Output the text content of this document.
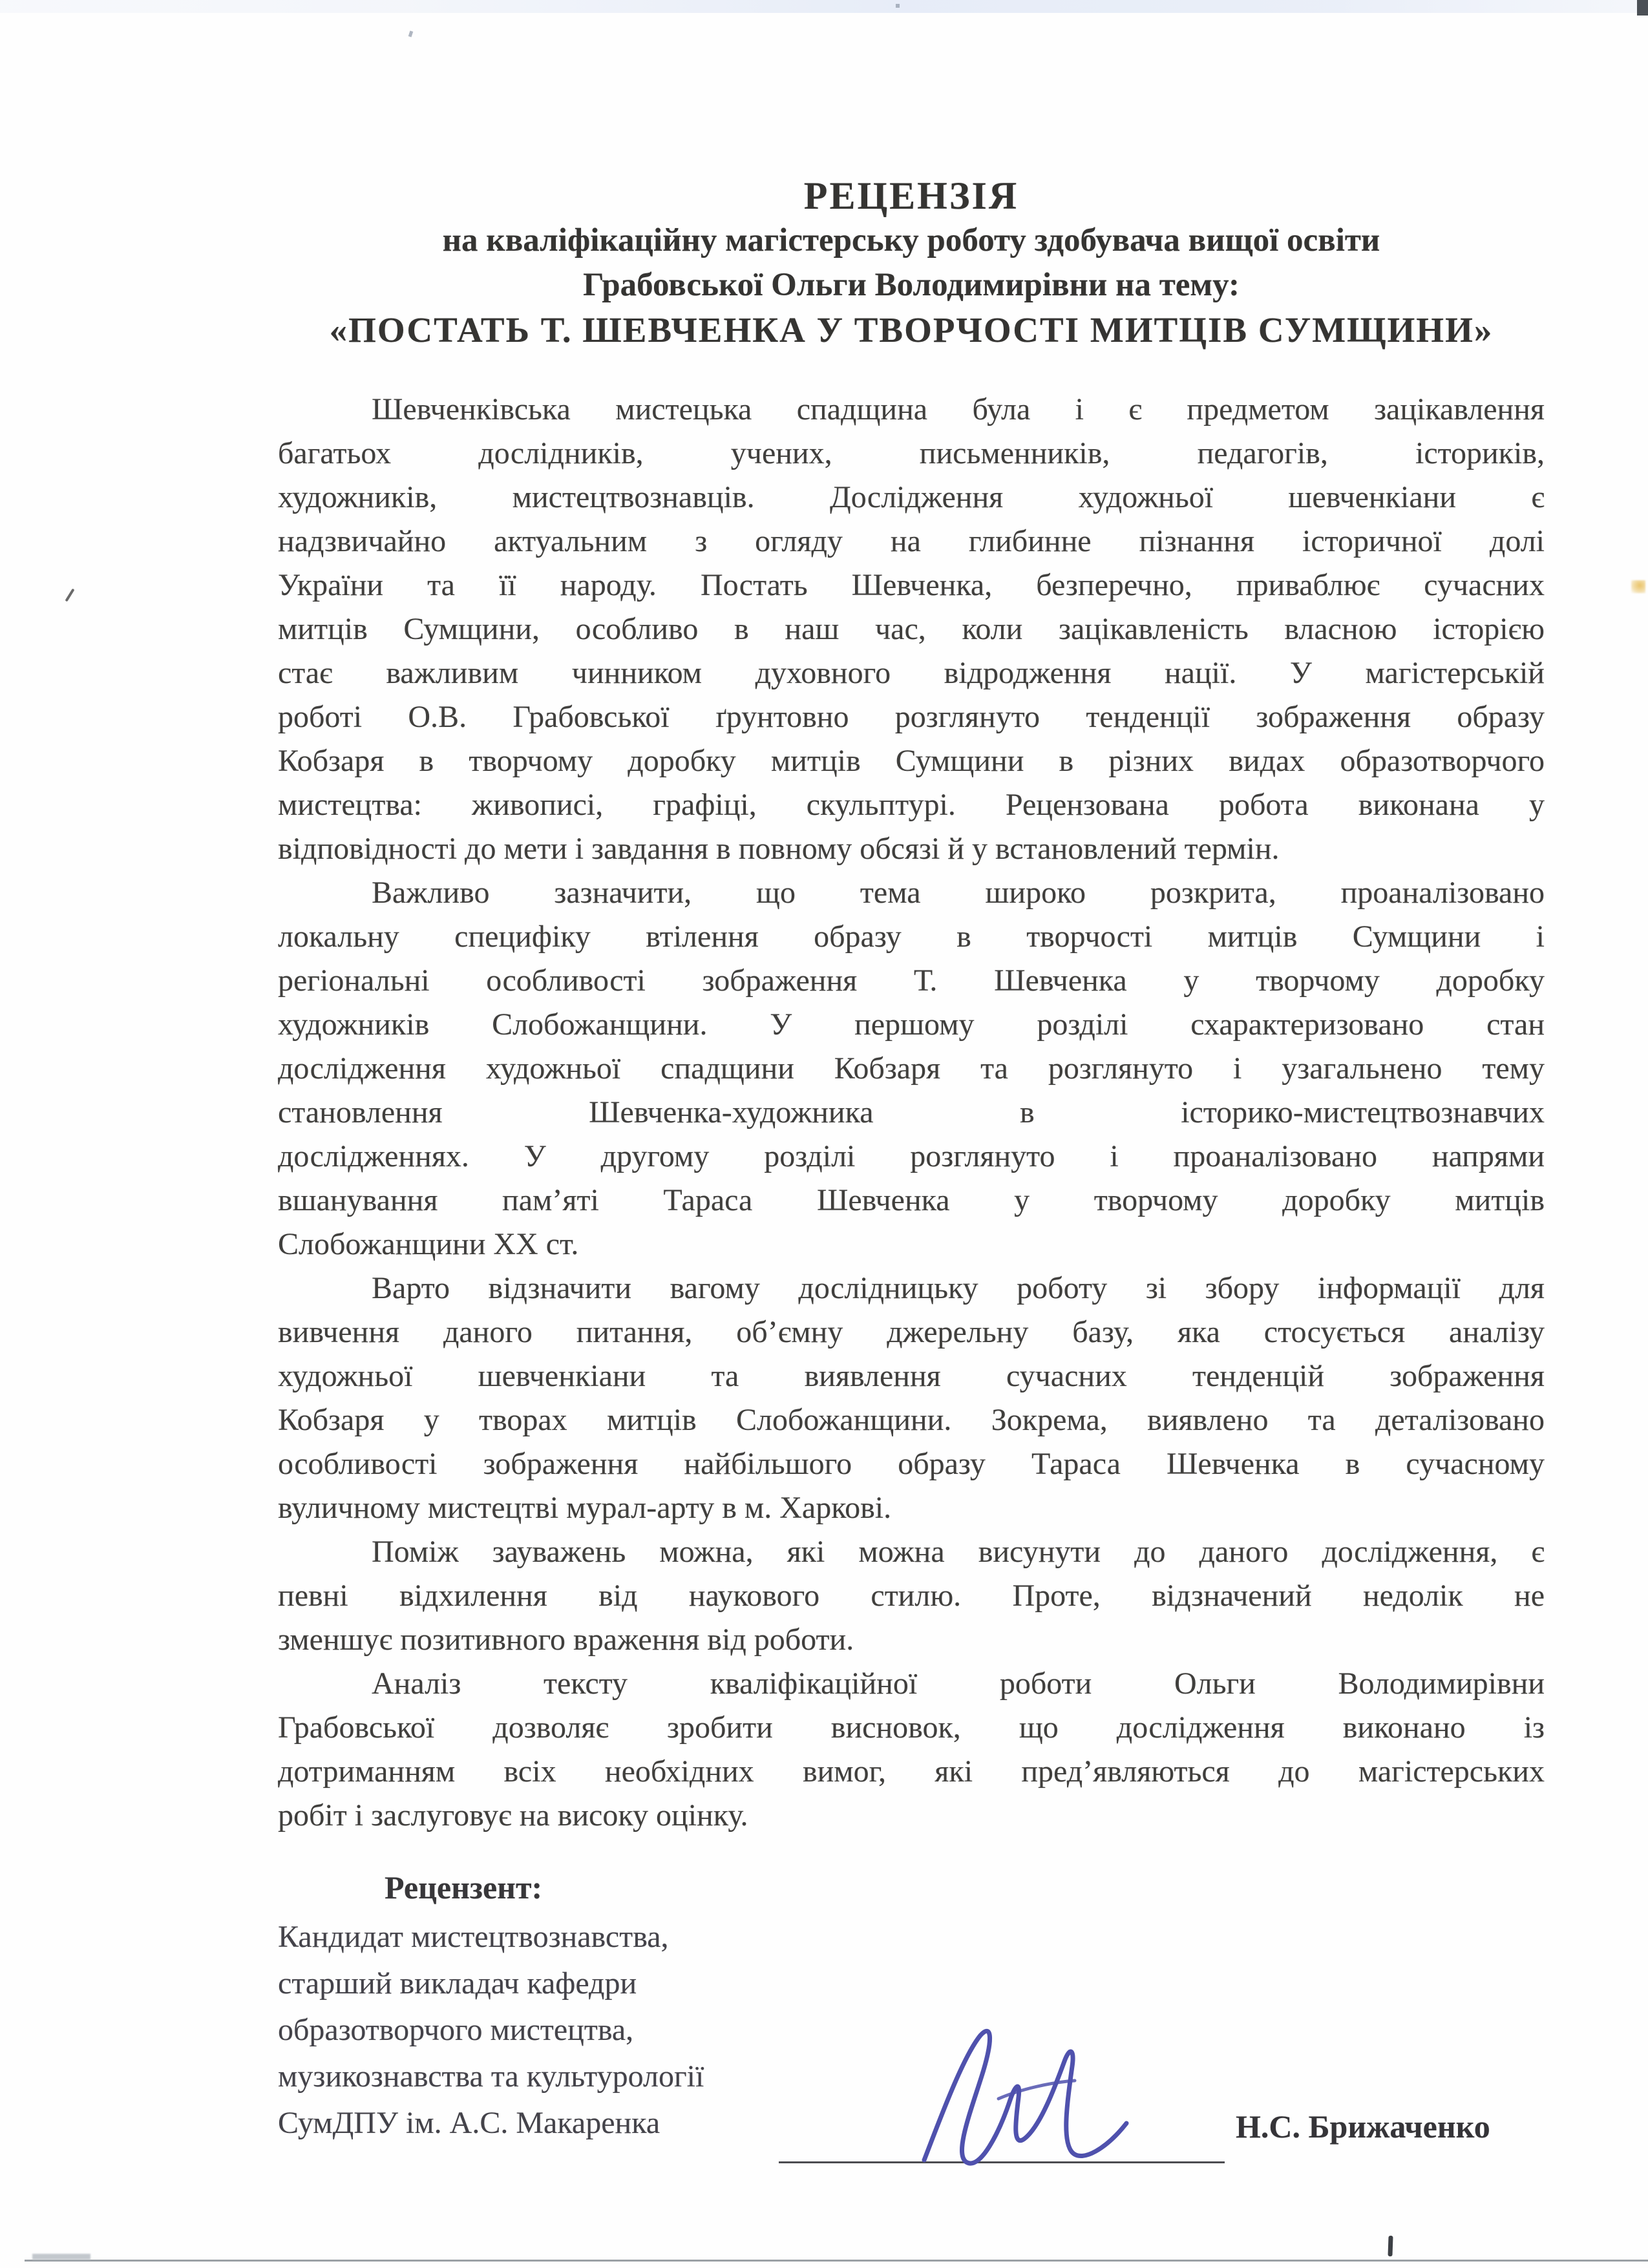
РЕЦЕНЗІЯ
на кваліфікаційну магістерську роботу здобувача вищої освіти
Грабовської Ольги Володимирівни на тему:
«ПОСТАТЬ Т. ШЕВЧЕНКА У ТВОРЧОСТІ МИТЦІВ СУМЩИНИ»
Шевченківська мистецька спадщина була і є предметом зацікавлення
багатьох дослідників, учених, письменників, педагогів, істориків,
художників, мистецтвознавців. Дослідження художньої шевченкіани є
надзвичайно актуальним з огляду на глибинне пізнання історичної долі
України та її народу. Постать Шевченка, безперечно, приваблює сучасних
митців Сумщини, особливо в наш час, коли зацікавленість власною історією
стає важливим чинником духовного відродження нації. У магістерській
роботі О.В. Грабовської ґрунтовно розглянуто тенденції зображення образу
Кобзаря в творчому доробку митців Сумщини в різних видах образотворчого
мистецтва: живописі, графіці, скульптурі. Рецензована робота виконана у
відповідності до мети і завдання в повному обсязі й у встановлений термін.
Важливо зазначити, що тема широко розкрита, проаналізовано
локальну специфіку втілення образу в творчості митців Сумщини і
регіональні особливості зображення Т. Шевченка у творчому доробку
художників Слобожанщини. У першому розділі схарактеризовано стан
дослідження художньої спадщини Кобзаря та розглянуто і узагальнено тему
становлення Шевченка-художника в історико-мистецтвознавчих
дослідженнях. У другому розділі розглянуто і проаналізовано напрями
вшанування пам’яті Тараса Шевченка у творчому доробку митців
Слобожанщини ХХ ст.
Варто відзначити вагому дослідницьку роботу зі збору інформації для
вивчення даного питання, об’ємну джерельну базу, яка стосується аналізу
художньої шевченкіани та виявлення сучасних тенденцій зображення
Кобзаря у творах митців Слобожанщини. Зокрема, виявлено та деталізовано
особливості зображення найбільшого образу Тараса Шевченка в сучасному
вуличному мистецтві мурал-арту в м. Харкові.
Поміж зауважень можна, які можна висунути до даного дослідження, є
певні відхилення від наукового стилю. Проте, відзначений недолік не
зменшує позитивного враження від роботи.
Аналіз тексту кваліфікаційної роботи Ольги Володимирівни
Грабовської дозволяє зробити висновок, що дослідження виконано із
дотриманням всіх необхідних вимог, які пред’являються до магістерських
робіт і заслуговує на високу оцінку.
Рецензент:
Кандидат мистецтвознавства,
старший викладач кафедри
образотворчого мистецтва,
музикознавства та культурології
СумДПУ ім. А.С. Макаренка	Н.С. Брижаченко
